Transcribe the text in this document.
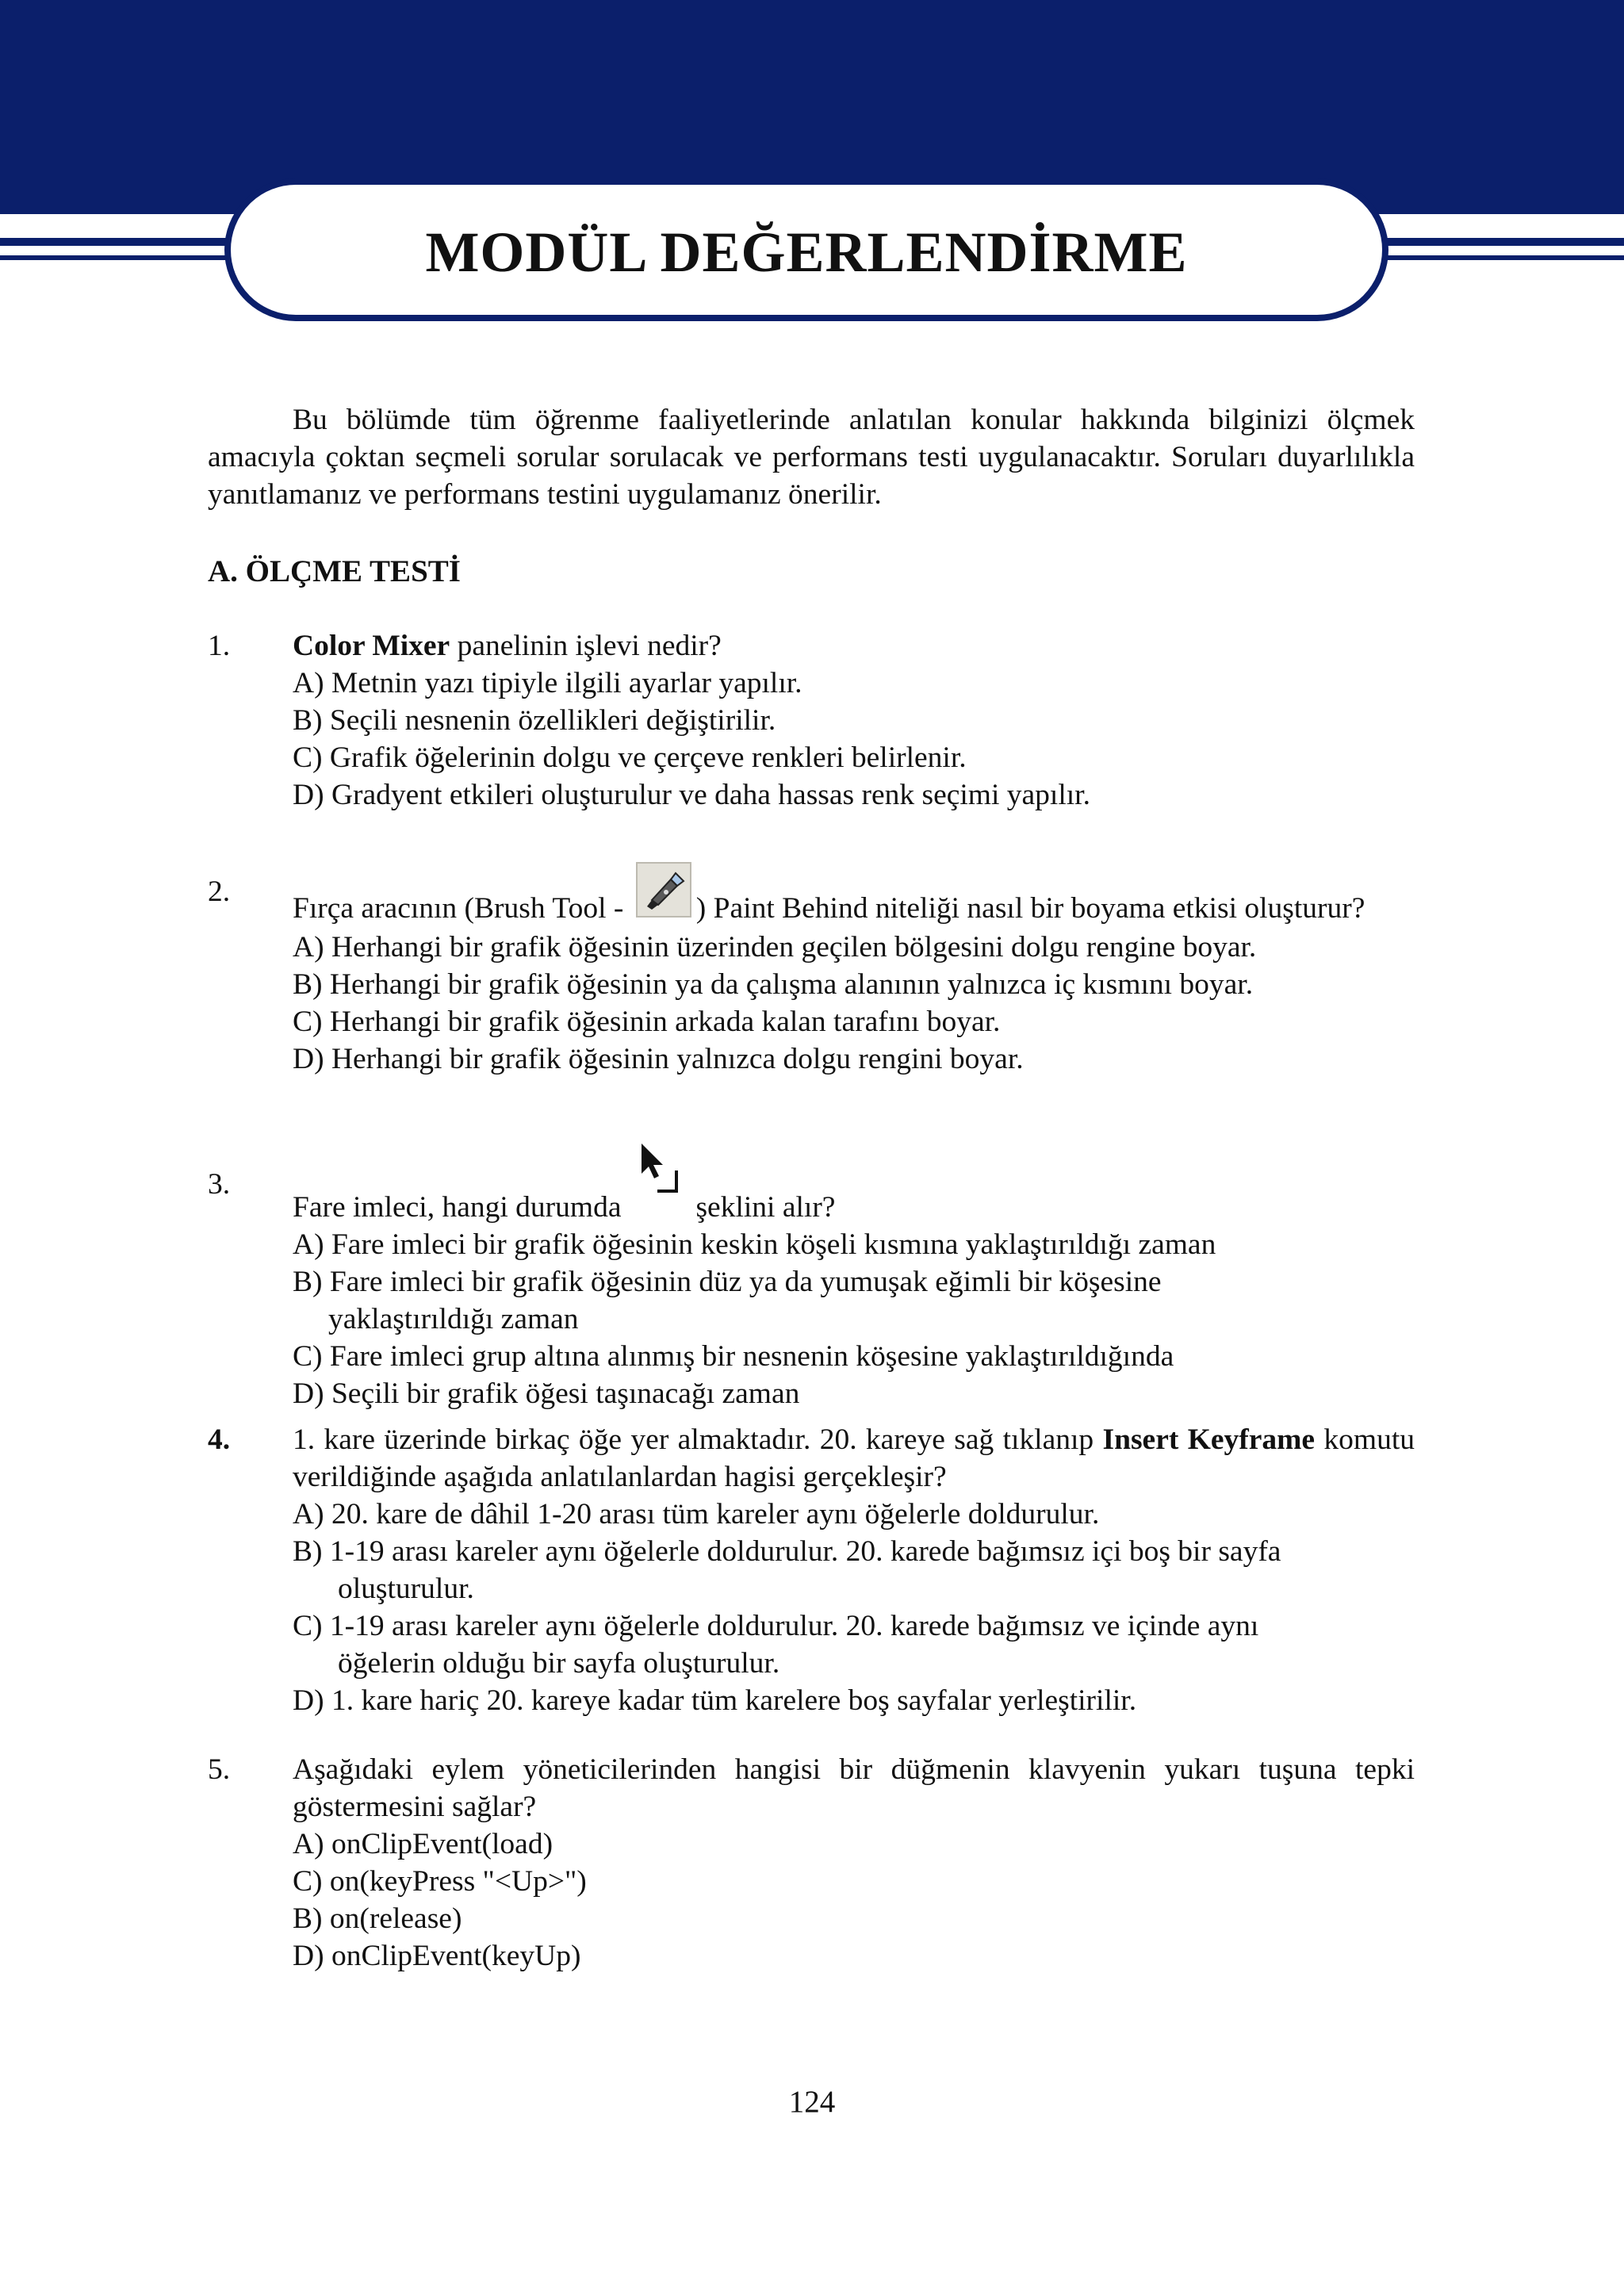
MODÜL DEĞERLENDİRME
Bu bölümde tüm öğrenme faaliyetlerinde anlatılan konular hakkında bilginizi ölçmek amacıyla çoktan seçmeli sorular sorulacak ve performans testi uygulanacaktır. Soruları duyarlılıkla yanıtlamanız ve performans testini uygulamanız önerilir.
A. ÖLÇME TESTİ
1.	Color Mixer panelinin işlevi nedir?
A) Metnin yazı tipiyle ilgili ayarlar yapılır.
B) Seçili nesnenin özellikleri değiştirilir.
C) Grafik öğelerinin dolgu ve çerçeve renkleri belirlenir.
D) Gradyent etkileri oluşturulur ve daha hassas renk seçimi yapılır.
2.
Fırça aracının (Brush Tool - ) Paint Behind niteliği nasıl bir boyama etkisi oluşturur?
A) Herhangi bir grafik öğesinin üzerinden geçilen bölgesini dolgu rengine boyar.
B) Herhangi bir grafik öğesinin ya da çalışma alanının yalnızca iç kısmını boyar.
C) Herhangi bir grafik öğesinin arkada kalan tarafını boyar.
D) Herhangi bir grafik öğesinin yalnızca dolgu rengini boyar.
3.
Fare imleci, hangi durumda	şeklini alır?
A) Fare imleci bir grafik öğesinin keskin köşeli kısmına yaklaştırıldığı zaman
B) Fare imleci bir grafik öğesinin düz ya da yumuşak eğimli bir köşesine
yaklaştırıldığı zaman
C) Fare imleci grup altına alınmış bir nesnenin köşesine yaklaştırıldığında
D) Seçili bir grafik öğesi taşınacağı zaman
4.	1. kare üzerinde birkaç öğe yer almaktadır. 20. kareye sağ tıklanıp Insert Keyframe komutu verildiğinde aşağıda anlatılanlardan hagisi gerçekleşir?
A) 20. kare de dâhil 1-20 arası tüm kareler aynı öğelerle doldurulur.
B) 1-19 arası kareler aynı öğelerle doldurulur. 20. karede bağımsız içi boş bir sayfa
oluşturulur.
C) 1-19 arası kareler aynı öğelerle doldurulur. 20. karede bağımsız ve içinde aynı
öğelerin olduğu bir sayfa oluşturulur.
D) 1. kare hariç 20. kareye kadar tüm karelere boş sayfalar yerleştirilir.
5.	Aşağıdaki eylem yöneticilerinden hangisi bir düğmenin klavyenin yukarı tuşuna tepki göstermesini sağlar?
A) onClipEvent(load)
C) on(keyPress "<Up>")
B) on(release)
D) onClipEvent(keyUp)
124
